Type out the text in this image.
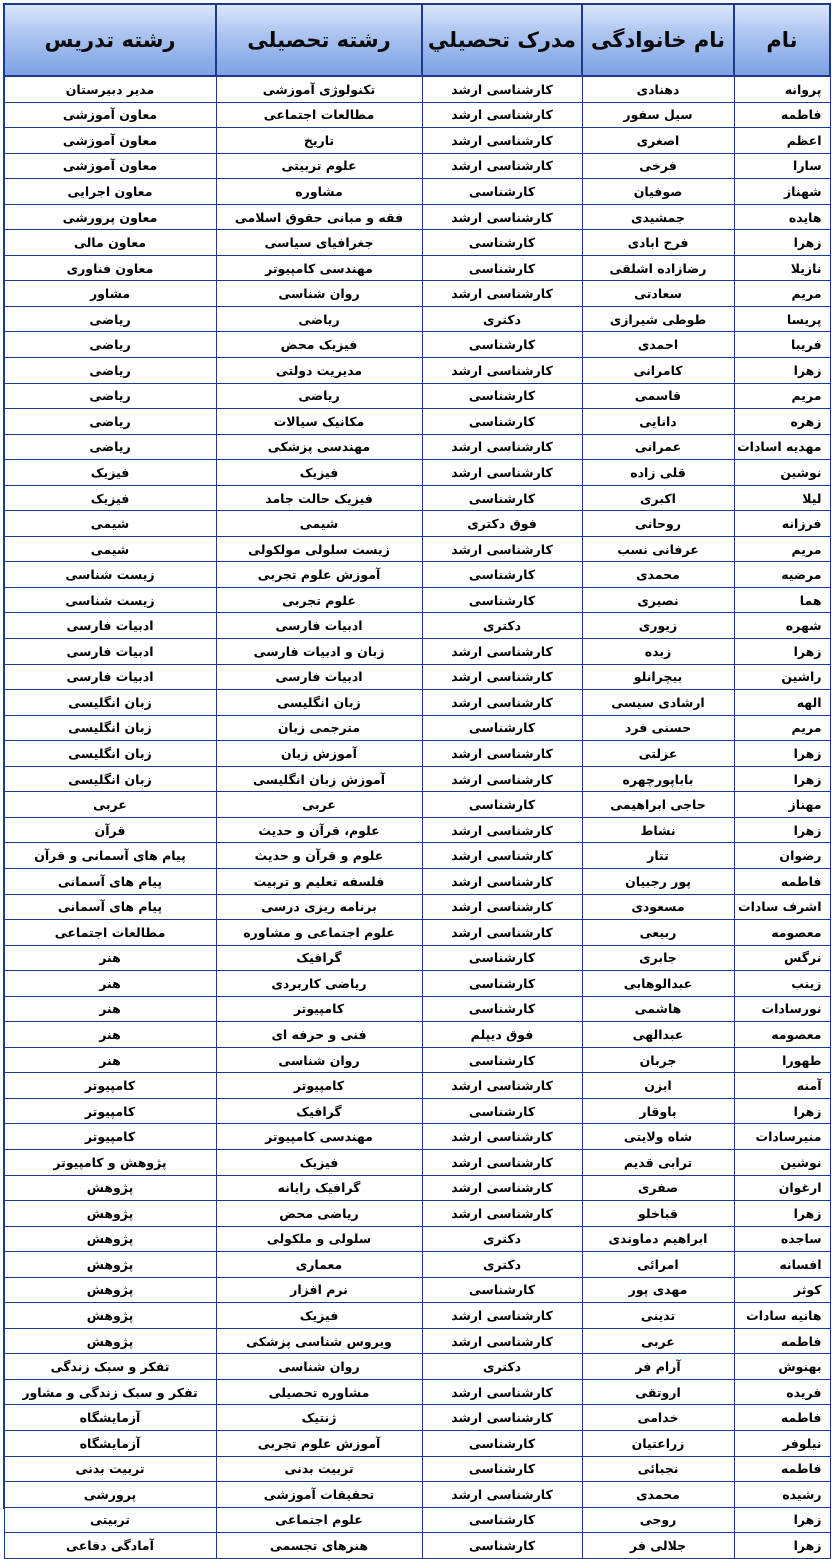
نام	نام خانوادگی	مدرک تحصیلي	رشته تحصیلی	رشته تدریس
پروانه	دهنادی	کارشناسی ارشد	تکنولوژی آموزشی	مدیر دبیرستان
فاطمه	سیل سفور	کارشناسی ارشد	مطالعات اجتماعی	معاون آموزشی
اعظم	اصغری	کارشناسی ارشد	تاریخ	معاون آموزشی
سارا	فرخی	کارشناسی ارشد	علوم تربیتی	معاون آموزشی
شهناز	صوفیان	کارشناسی	مشاوره	معاون اجرایی
هایده	جمشیدی	کارشناسی ارشد	فقه و مبانی حقوق اسلامی	معاون پرورشی
زهرا	فرح ابادی	کارشناسی	جغرافیای سیاسی	معاون مالی
نازیلا	رضازاده اشلقی	کارشناسی	مهندسی کامپیوتر	معاون فناوری
مریم	سعادتی	کارشناسی ارشد	روان شناسی	مشاور
پریسا	طوطی شیرازی	دکتری	ریاضی	ریاضی
فریبا	احمدی	کارشناسی	فیزیک محض	ریاضی
زهرا	کامرانی	کارشناسی ارشد	مدیریت دولتی	ریاضی
مریم	قاسمی	کارشناسی	ریاضی	ریاضی
زهره	دانایی	کارشناسی	مکانیک سیالات	ریاضی
مهدیه اسادات	عمرانی	کارشناسی ارشد	مهندسی پزشکی	ریاضی
نوشین	قلی زاده	کارشناسی ارشد	فیزیک	فیزیک
لیلا	اکبری	کارشناسی	فیزیک حالت جامد	فیزیک
فرزانه	روحانی	فوق دکتری	شیمی	شیمی
مریم	عرفانی نسب	کارشناسی ارشد	زیست سلولی مولکولی	شیمی
مرضیه	محمدی	کارشناسی	آموزش علوم تجربی	زیست شناسی
هما	نصیری	کارشناسی	علوم تجربی	زیست شناسی
شهره	زیوری	دکتری	ادبیات فارسی	ادبیات فارسی
زهرا	زبده	کارشناسی ارشد	زبان و ادبیات فارسی	ادبیات فارسی
راشین	بیچرانلو	کارشناسی ارشد	ادبیات فارسی	ادبیات فارسی
الهه	ارشادی سیسی	کارشناسی ارشد	زبان انگلیسی	زبان انگلیسی
مریم	حسنی فرد	کارشناسی	مترجمی زبان	زبان انگلیسی
زهرا	عزلتی	کارشناسی ارشد	آموزش زبان	زبان انگلیسی
زهرا	باباپورچهره	کارشناسی ارشد	آموزش زبان انگلیسی	زبان انگلیسی
مهناز	حاجی ابراهیمی	کارشناسی	عربی	عربی
زهرا	نشاط	کارشناسی ارشد	علوم، قرآن و حدیث	قرآن
رضوان	تتار	کارشناسی ارشد	علوم و قرآن و حدیث	پیام های آسمانی و قرآن
فاطمه	پور رجبیان	کارشناسی ارشد	فلسفه تعلیم و تربیت	پیام های آسمانی
اشرف سادات	مسعودی	کارشناسی ارشد	برنامه ریزی درسی	پیام های آسمانی
معصومه	ربیعی	کارشناسی ارشد	علوم اجتماعی و مشاوره	مطالعات اجتماعی
نرگس	جابری	کارشناسی	گرافیک	هنر
زینب	عبدالوهابی	کارشناسی	ریاضی کاربردی	هنر
نورسادات	هاشمی	کارشناسی	کامپیوتر	هنر
معصومه	عبدالهی	فوق دیپلم	فنی و حرفه ای	هنر
طهورا	جربان	کارشناسی	روان شناسی	هنر
آمنه	ابزن	کارشناسی ارشد	کامپیوتر	کامپیوتر
زهرا	باوقار	کارشناسی	گرافیک	کامپیوتر
منیرسادات	شاه ولایتی	کارشناسی ارشد	مهندسی کامپیوتر	کامپیوتر
نوشین	ترابی قدیم	کارشناسی ارشد	فیزیک	پژوهش و کامپیوتر
ارغوان	صفری	کارشناسی ارشد	گرافیک رایانه	پژوهش
زهرا	قباخلو	کارشناسی ارشد	ریاضی محض	پژوهش
ساجده	ابراهیم دماوندی	دکتری	سلولی و ملکولی	پژوهش
افسانه	امرائی	دکتری	معماری	پژوهش
کوثر	مهدی پور	کارشناسی	نرم افزار	پژوهش
هانیه سادات	تدینی	کارشناسی ارشد	فیزیک	پژوهش
فاطمه	عربی	کارشناسی ارشد	ویروس شناسی پزشکی	پژوهش
بهنوش	آرام فر	دکتری	روان شناسی	تفکر و سبک زندگی
فریده	اروتقی	کارشناسی ارشد	مشاوره تحصیلی	تفکر و سبک زندگی و مشاور
فاطمه	خدامی	کارشناسی ارشد	ژنتیک	آزمایشگاه
نیلوفر	زراعتیان	کارشناسی	آموزش علوم تجربی	آزمایشگاه
فاطمه	نجبائی	کارشناسی	تربیت بدنی	تربیت بدنی
رشیده	محمدی	کارشناسی ارشد	تحقیقات آموزشی	پرورشی
زهرا	روحی	کارشناسی	علوم اجتماعی	تربیتی
زهرا	جلالی فر	کارشناسی	هنرهای تجسمی	آمادگی دفاعی
